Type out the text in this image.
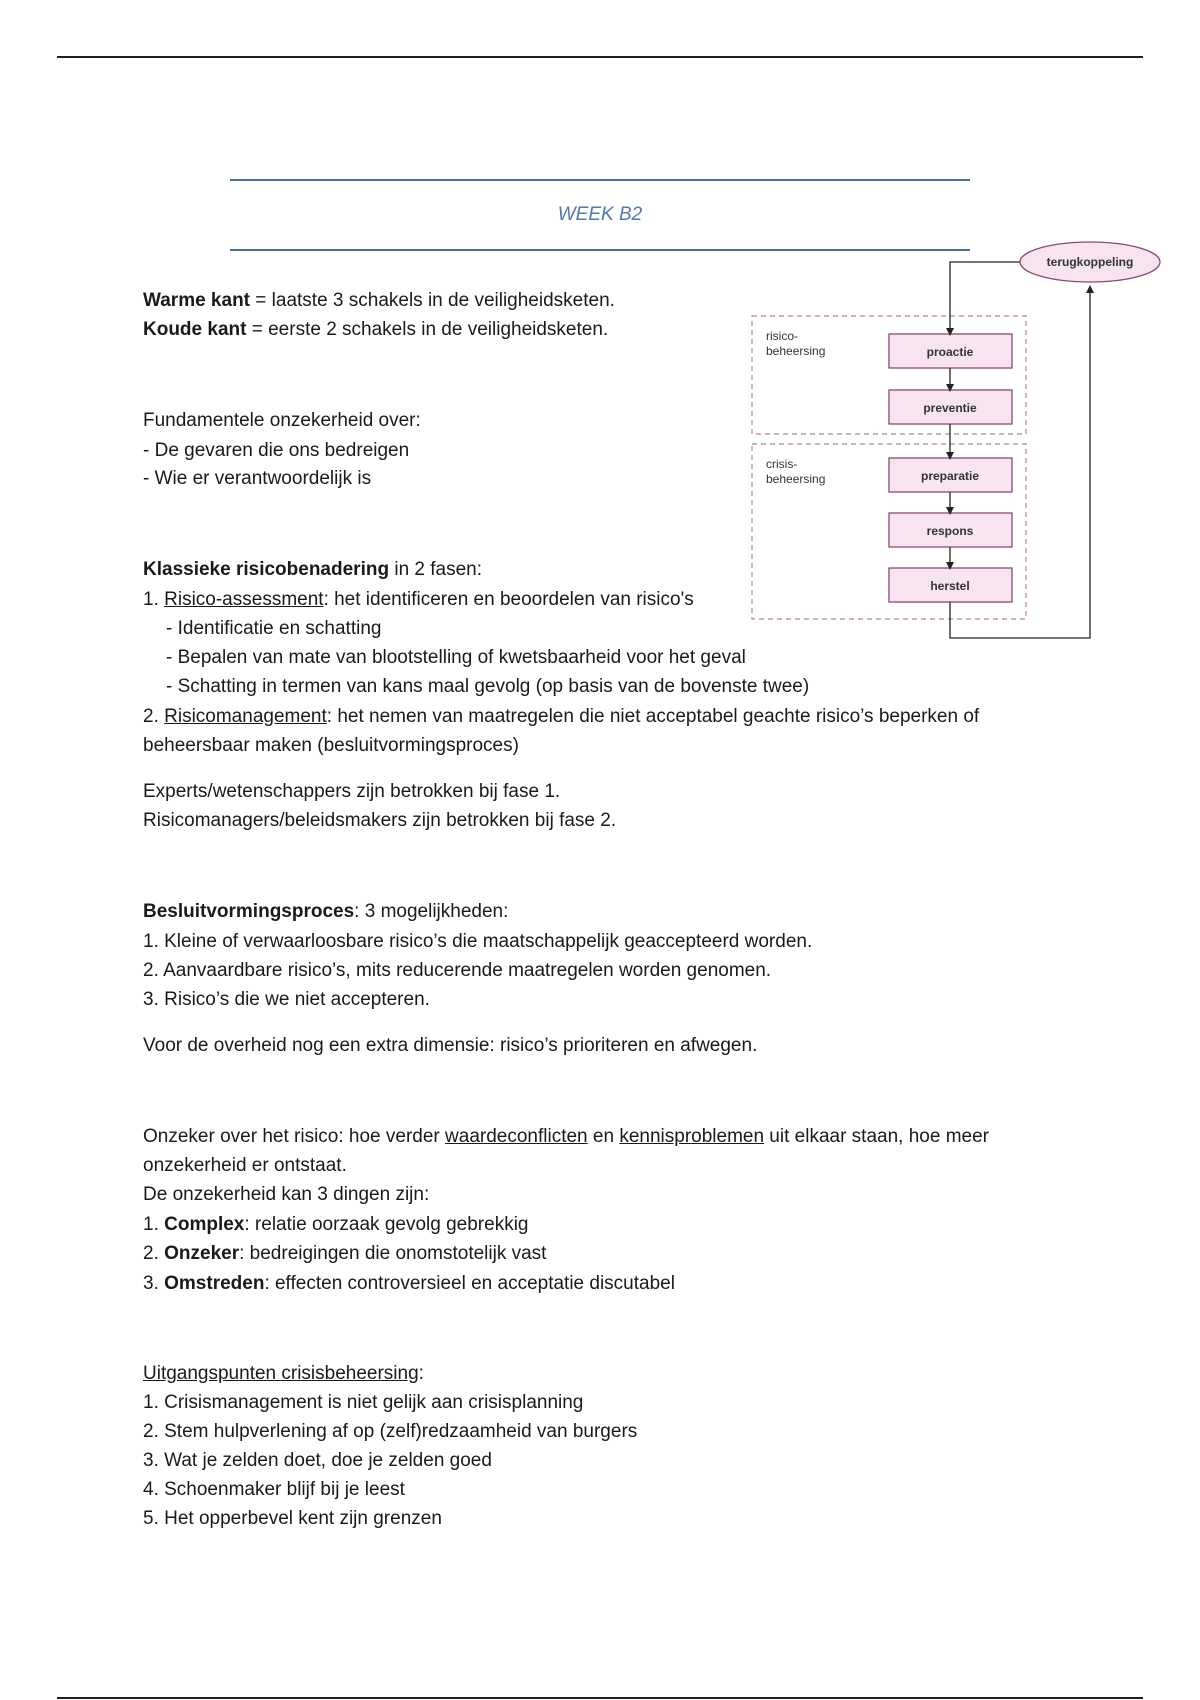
WEEK B2
Warme kant = laatste 3 schakels in de veiligheidsketen.
Koude kant = eerste 2 schakels in de veiligheidsketen.
Fundamentele onzekerheid over:
- De gevaren die ons bedreigen
- Wie er verantwoordelijk is
Klassieke risicobenadering in 2 fasen:
1. Risico-assessment: het identificeren en beoordelen van risico's
- Identificatie en schatting
- Bepalen van mate van blootstelling of kwetsbaarheid voor het geval
- Schatting in termen van kans maal gevolg (op basis van de bovenste twee)
2. Risicomanagement: het nemen van maatregelen die niet acceptabel geachte risico’s beperken of
beheersbaar maken (besluitvormingsproces)
Experts/wetenschappers zijn betrokken bij fase 1.
Risicomanagers/beleidsmakers zijn betrokken bij fase 2.
Besluitvormingsproces: 3 mogelijkheden:
1. Kleine of verwaarloosbare risico’s die maatschappelijk geaccepteerd worden.
2. Aanvaardbare risico’s, mits reducerende maatregelen worden genomen.
3. Risico’s die we niet accepteren.
Voor de overheid nog een extra dimensie: risico’s prioriteren en afwegen.
Onzeker over het risico: hoe verder waardeconflicten en kennisproblemen uit elkaar staan, hoe meer
onzekerheid er ontstaat.
De onzekerheid kan 3 dingen zijn:
1. Complex: relatie oorzaak gevolg gebrekkig
2. Onzeker: bedreigingen die onomstotelijk vast
3. Omstreden: effecten controversieel en acceptatie discutabel
Uitgangspunten crisisbeheersing:
1. Crisismanagement is niet gelijk aan crisisplanning
2. Stem hulpverlening af op (zelf)redzaamheid van burgers
3. Wat je zelden doet, doe je zelden goed
4. Schoenmaker blijf bij je leest
5. Het opperbevel kent zijn grenzen
risico-
beheersing
crisis-
beheersing
proactie
preventie
preparatie
respons
herstel
terugkoppeling
